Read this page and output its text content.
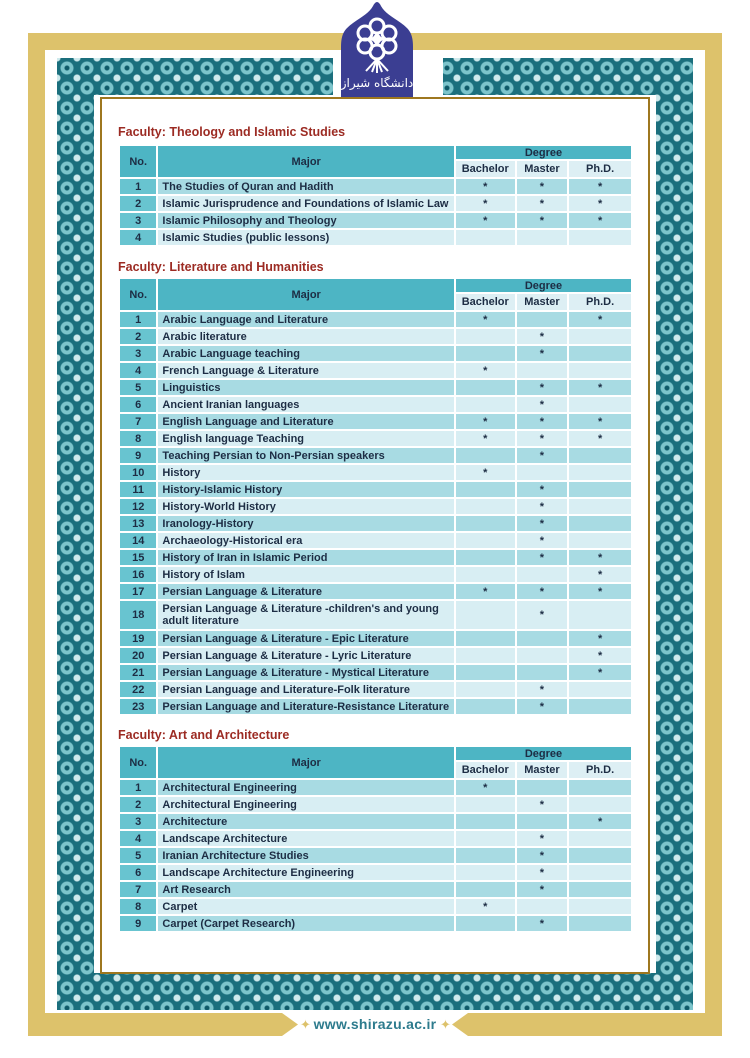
دانشگاه شیراز
Faculty: Theology and Islamic Studies
No.	Major	Degree		
		Bachelor	Master	Ph.D.
1	The Studies of Quran and Hadith	*	*	*
2	Islamic Jurisprudence and Foundations of Islamic Law	*	*	*
3	Islamic Philosophy and Theology	*	*	*
4	Islamic Studies (public lessons)			
Faculty: Literature and Humanities
No.	Major	Degree		
		Bachelor	Master	Ph.D.
1	Arabic Language and Literature	*		*
2	Arabic literature		*	
3	Arabic Language teaching		*	
4	French Language & Literature	*		
5	Linguistics		*	*
6	Ancient Iranian languages		*	
7	English Language and Literature	*	*	*
8	English language Teaching	*	*	*
9	Teaching Persian to Non-Persian speakers		*	
10	History	*		
11	History-Islamic History		*	
12	History-World History		*	
13	Iranology-History		*	
14	Archaeology-Historical era		*	
15	History of Iran in Islamic Period		*	*
16	History of Islam			*
17	Persian Language & Literature	*	*	*
18	Persian Language & Literature -children's and young adult literature		*	
19	Persian Language & Literature - Epic Literature			*
20	Persian Language & Literature - Lyric Literature			*
21	Persian Language & Literature - Mystical Literature			*
22	Persian Language and Literature-Folk literature		*	
23	Persian Language and Literature-Resistance Literature		*	
Faculty: Art and Architecture
No.	Major	Degree		
		Bachelor	Master	Ph.D.
1	Architectural Engineering	*		
2	Architectural Engineering		*	
3	Architecture			*
4	Landscape Architecture		*	
5	Iranian Architecture Studies		*	
6	Landscape Architecture Engineering		*	
7	Art Research		*	
8	Carpet	*		
9	Carpet (Carpet Research)		*	
✦ www.shirazu.ac.ir ✦
